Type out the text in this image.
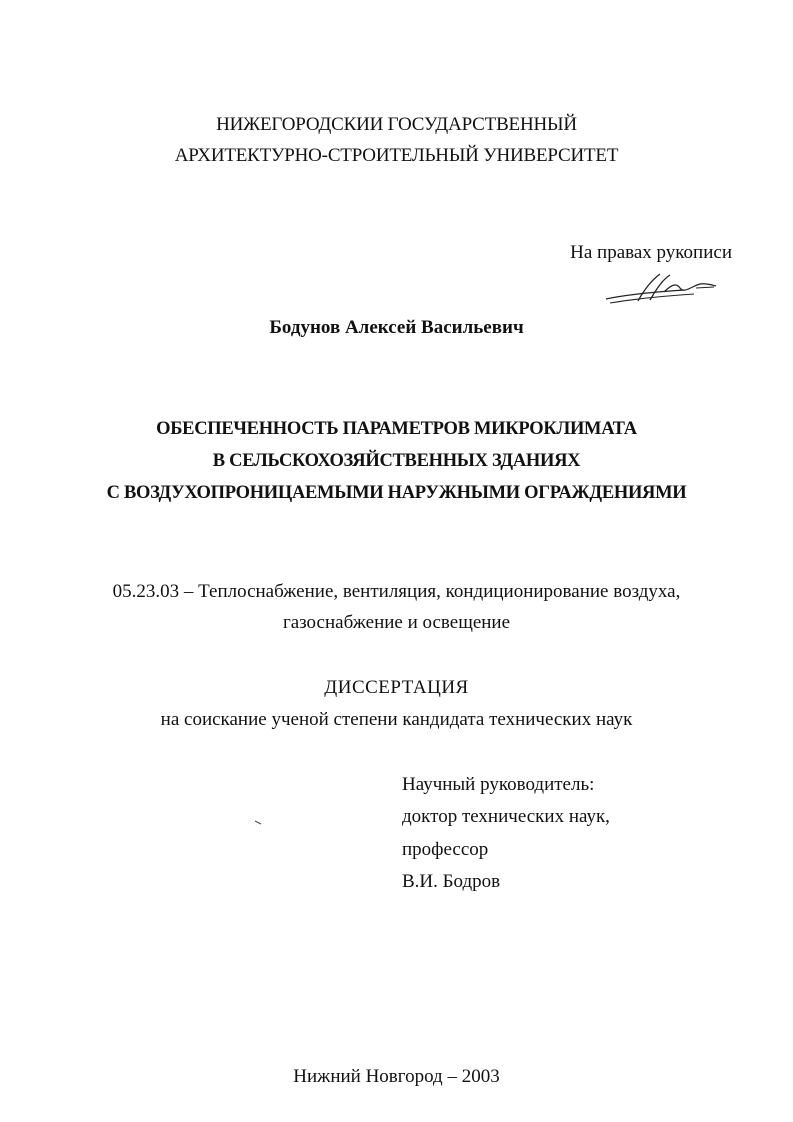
НИЖЕГОРОДСКИИ ГОСУДАРСТВЕННЫЙ
АРХИТЕКТУРНО-СТРОИТЕЛЬНЫЙ УНИВЕРСИТЕТ
На правах рукописи
Бодунов Алексей Васильевич
ОБЕСПЕЧЕННОСТЬ ПАРАМЕТРОВ МИКРОКЛИМАТА
В СЕЛЬСКОХОЗЯЙСТВЕННЫХ ЗДАНИЯХ
С ВОЗДУХОПРОНИЦАЕМЫМИ НАРУЖНЫМИ ОГРАЖДЕНИЯМИ
05.23.03 – Теплоснабжение, вентиляция, кондиционирование воздуха,
газоснабжение и освещение
ДИССЕРТАЦИЯ
на соискание ученой степени кандидата технических наук
Научный руководитель:
доктор технических наук,
профессор
В.И. Бодров
Нижний Новгород – 2003
